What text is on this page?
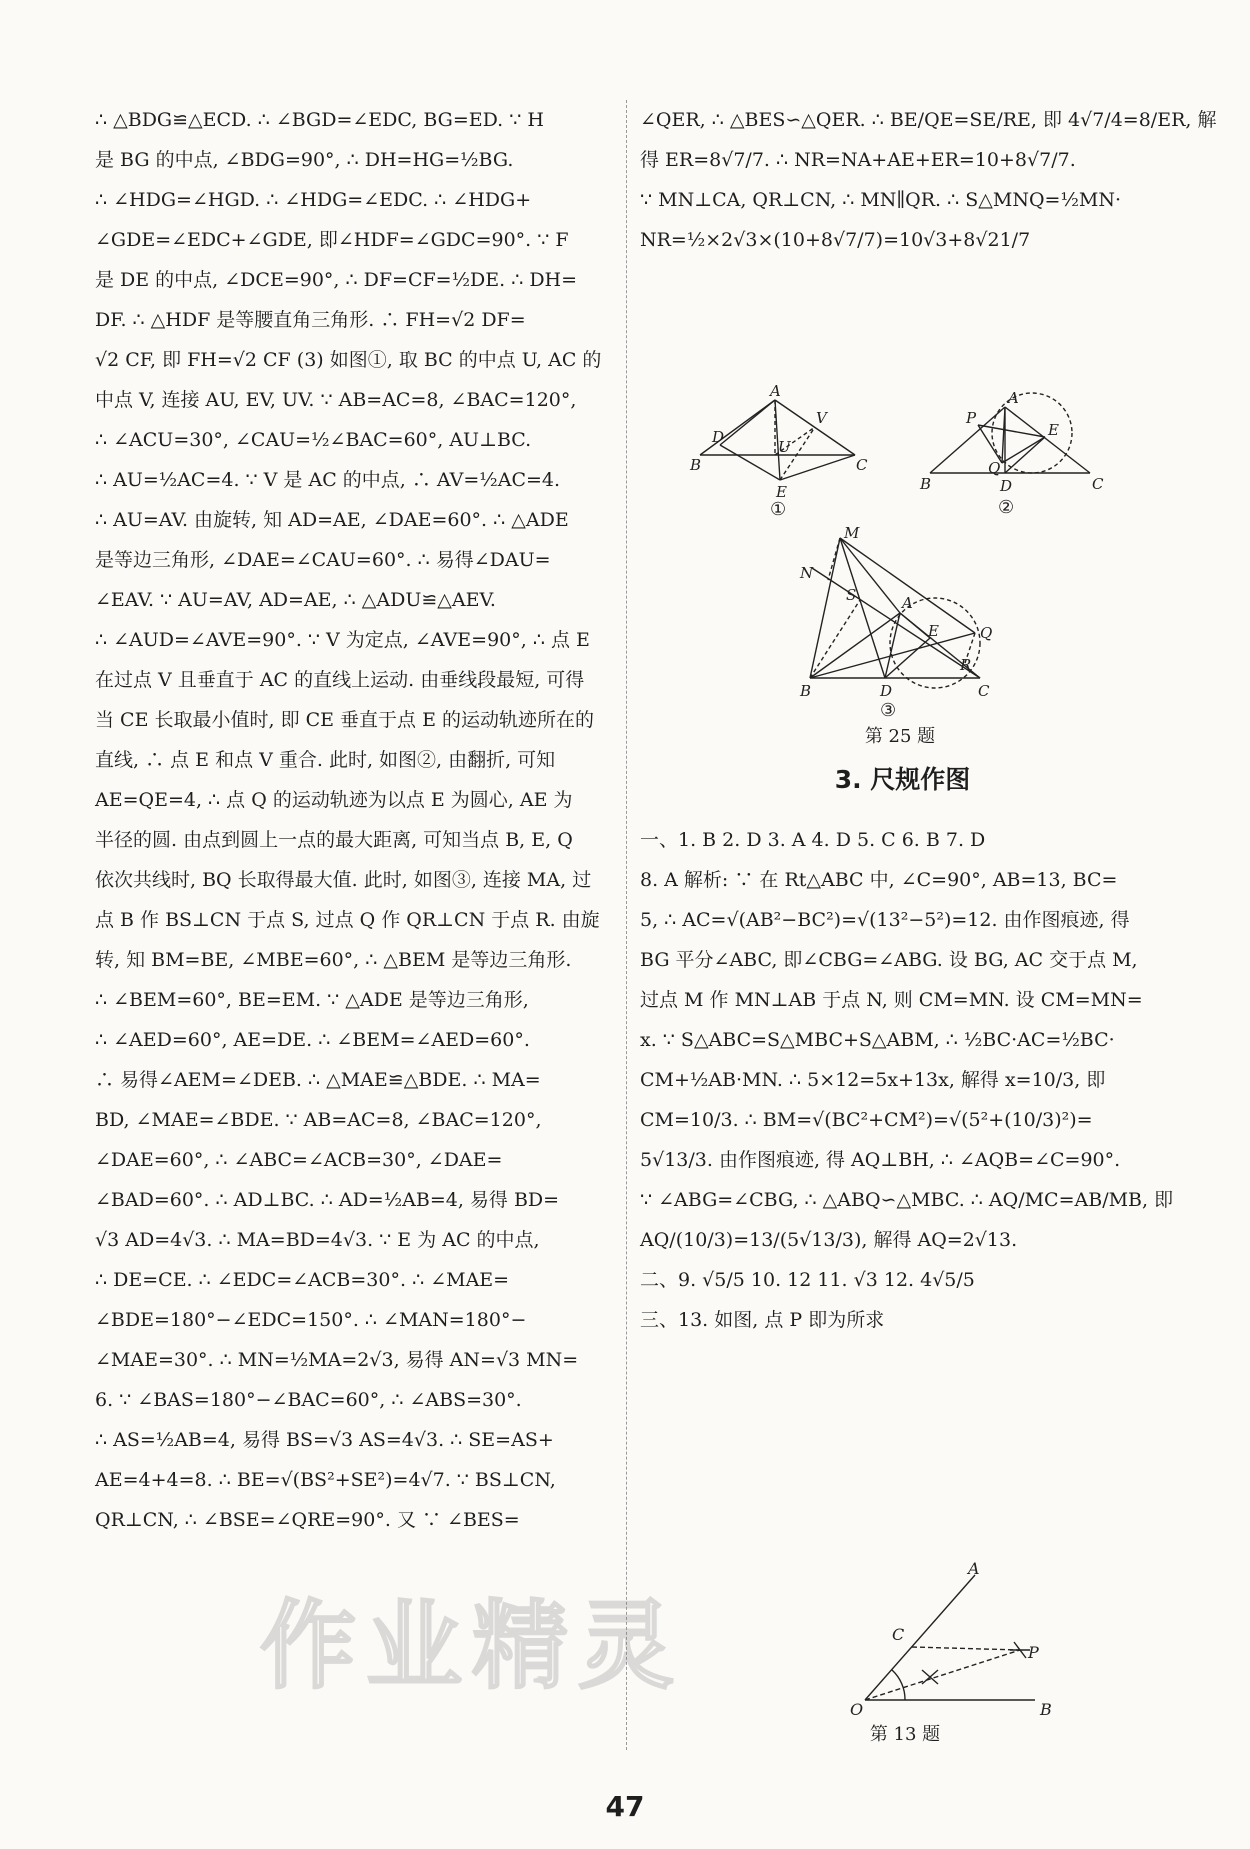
∴ △BDG≌△ECD. ∴ ∠BGD=∠EDC, BG=ED. ∵ H

是 BG 的中点, ∠BDG=90°, ∴ DH=HG=½BG.

∴ ∠HDG=∠HGD. ∴ ∠HDG=∠EDC. ∴ ∠HDG+

∠GDE=∠EDC+∠GDE, 即∠HDF=∠GDC=90°. ∵ F

是 DE 的中点, ∠DCE=90°, ∴ DF=CF=½DE. ∴ DH=

DF. ∴ △HDF 是等腰直角三角形. ∴ FH=√2 DF=

√2 CF, 即 FH=√2 CF (3) 如图①, 取 BC 的中点 U, AC 的

中点 V, 连接 AU, EV, UV. ∵ AB=AC=8, ∠BAC=120°,

∴ ∠ACU=30°, ∠CAU=½∠BAC=60°, AU⊥BC.

∴ AU=½AC=4. ∵ V 是 AC 的中点, ∴ AV=½AC=4.

∴ AU=AV. 由旋转, 知 AD=AE, ∠DAE=60°. ∴ △ADE

是等边三角形, ∠DAE=∠CAU=60°. ∴ 易得∠DAU=

∠EAV. ∵ AU=AV, AD=AE, ∴ △ADU≌△AEV.

∴ ∠AUD=∠AVE=90°. ∵ V 为定点, ∠AVE=90°, ∴ 点 E

在过点 V 且垂直于 AC 的直线上运动. 由垂线段最短, 可得

当 CE 长取最小值时, 即 CE 垂直于点 E 的运动轨迹所在的

直线, ∴ 点 E 和点 V 重合. 此时, 如图②, 由翻折, 可知

AE=QE=4, ∴ 点 Q 的运动轨迹为以点 E 为圆心, AE 为

半径的圆. 由点到圆上一点的最大距离, 可知当点 B, E, Q

依次共线时, BQ 长取得最大值. 此时, 如图③, 连接 MA, 过

点 B 作 BS⊥CN 于点 S, 过点 Q 作 QR⊥CN 于点 R. 由旋

转, 知 BM=BE, ∠MBE=60°, ∴ △BEM 是等边三角形.

∴ ∠BEM=60°, BE=EM. ∵ △ADE 是等边三角形,

∴ ∠AED=60°, AE=DE. ∴ ∠BEM=∠AED=60°.

∴ 易得∠AEM=∠DEB. ∴ △MAE≌△BDE. ∴ MA=

BD, ∠MAE=∠BDE. ∵ AB=AC=8, ∠BAC=120°,

∠DAE=60°, ∴ ∠ABC=∠ACB=30°, ∠DAE=

∠BAD=60°. ∴ AD⊥BC. ∴ AD=½AB=4, 易得 BD=

√3 AD=4√3. ∴ MA=BD=4√3. ∵ E 为 AC 的中点,

∴ DE=CE. ∴ ∠EDC=∠ACB=30°. ∴ ∠MAE=

∠BDE=180°−∠EDC=150°. ∴ ∠MAN=180°−

∠MAE=30°. ∴ MN=½MA=2√3, 易得 AN=√3 MN=

6. ∵ ∠BAS=180°−∠BAC=60°, ∴ ∠ABS=30°.

∴ AS=½AB=4, 易得 BS=√3 AS=4√3. ∴ SE=AS+

AE=4+4=8. ∴ BE=√(BS²+SE²)=4√7. ∵ BS⊥CN,

QR⊥CN, ∴ ∠BSE=∠QRE=90°. 又 ∵ ∠BES=

∠QER, ∴ △BES∽△QER. ∴ BE/QE=SE/RE, 即 4√7/4=8/ER, 解

得 ER=8√7/7. ∴ NR=NA+AE+ER=10+8√7/7.

∵ MN⊥CA, QR⊥CN, ∴ MN∥QR. ∴ S△MNQ=½MN·

NR=½×2√3×(10+8√7/7)=10√3+8√21/7

A
B	C
D
E
U
V
①
A
B	C
D
E
P
Q
②
M
N
S	A
E	Q
R
B	D	C
③
第 25 题
3. 尺规作图

一、1. B 2. D 3. A 4. D 5. C 6. B 7. D

8. A 解析: ∵ 在 Rt△ABC 中, ∠C=90°, AB=13, BC=

5, ∴ AC=√(AB²−BC²)=√(13²−5²)=12. 由作图痕迹, 得

BG 平分∠ABC, 即∠CBG=∠ABG. 设 BG, AC 交于点 M,

过点 M 作 MN⊥AB 于点 N, 则 CM=MN. 设 CM=MN=

x. ∵ S△ABC=S△MBC+S△ABM, ∴ ½BC·AC=½BC·

CM+½AB·MN. ∴ 5×12=5x+13x, 解得 x=10/3, 即

CM=10/3. ∴ BM=√(BC²+CM²)=√(5²+(10/3)²)=

5√13/3. 由作图痕迹, 得 AQ⊥BH, ∴ ∠AQB=∠C=90°.

∵ ∠ABG=∠CBG, ∴ △ABQ∽△MBC. ∴ AQ/MC=AB/MB, 即

AQ/(10/3)=13/(5√13/3), 解得 AQ=2√13.

二、9. √5/5 10. 12 11. √3 12. 4√5/5

三、13. 如图, 点 P 即为所求

A
C
P
O	B
第 13 题
作业精灵
47
